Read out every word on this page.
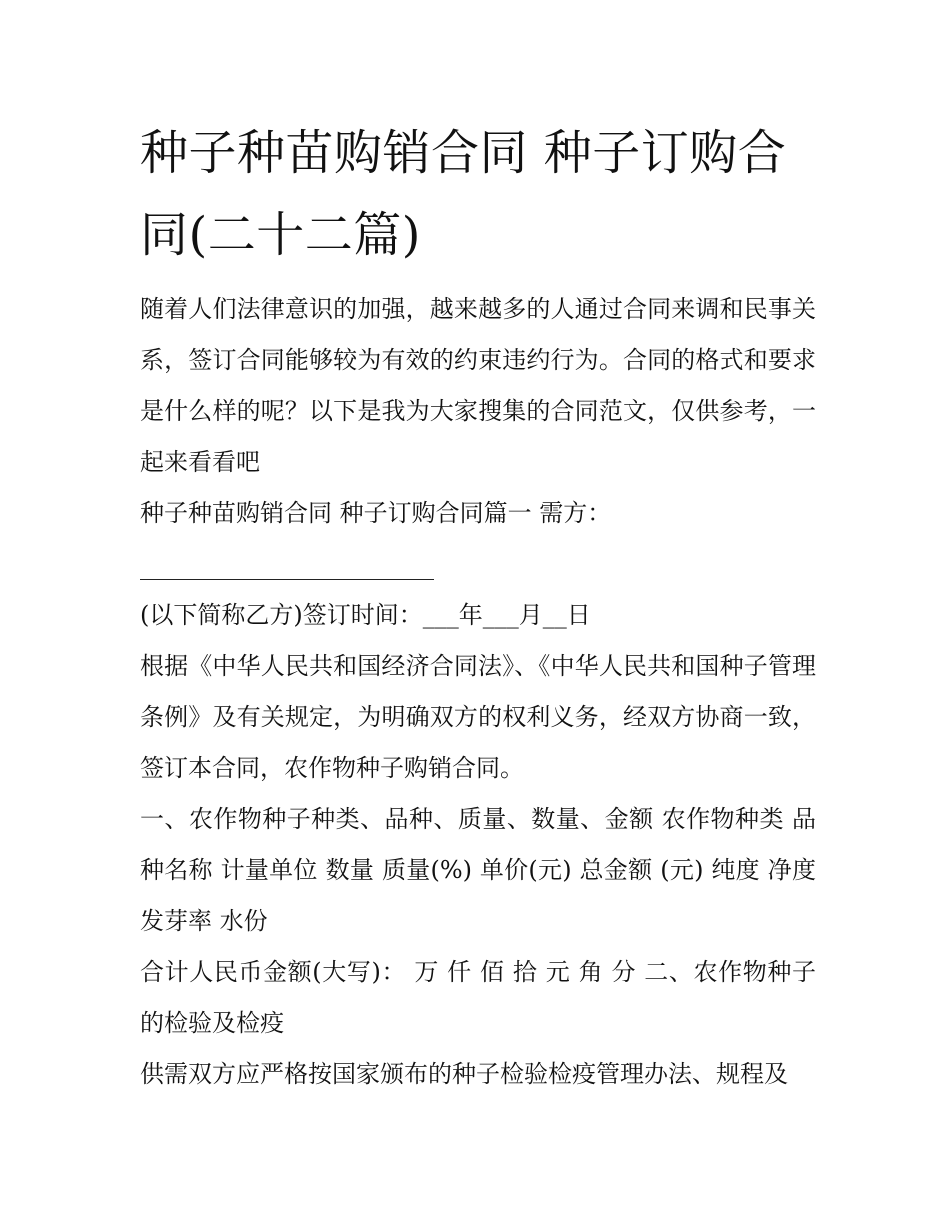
种子种苗购销合同 种子订购合同(二十二篇)

随着人们法律意识的加强，越来越多的人通过合同来调和民事关系，签订合同能够较为有效的约束违约行为。合同的格式和要求是什么样的呢？以下是我为大家搜集的合同范文，仅供参考，一起来看看吧

种子种苗购销合同 种子订购合同篇一 需方：

(以下简称乙方)签订时间：___年___月__日

根据《中华人民共和国经济合同法》、《中华人民共和国种子管理条例》及有关规定，为明确双方的权利义务，经双方协商一致，签订本合同，农作物种子购销合同。

一、农作物种子种类、品种、质量、数量、金额 农作物种类 品种名称 计量单位 数量 质量(%) 单价(元) 总金额 (元) 纯度 净度 发芽率 水份

合计人民币金额(大写)： 万 仟 佰 拾 元 角 分 二、农作物种子的检验及检疫

供需双方应严格按国家颁布的种子检验检疫管理办法、规程及
